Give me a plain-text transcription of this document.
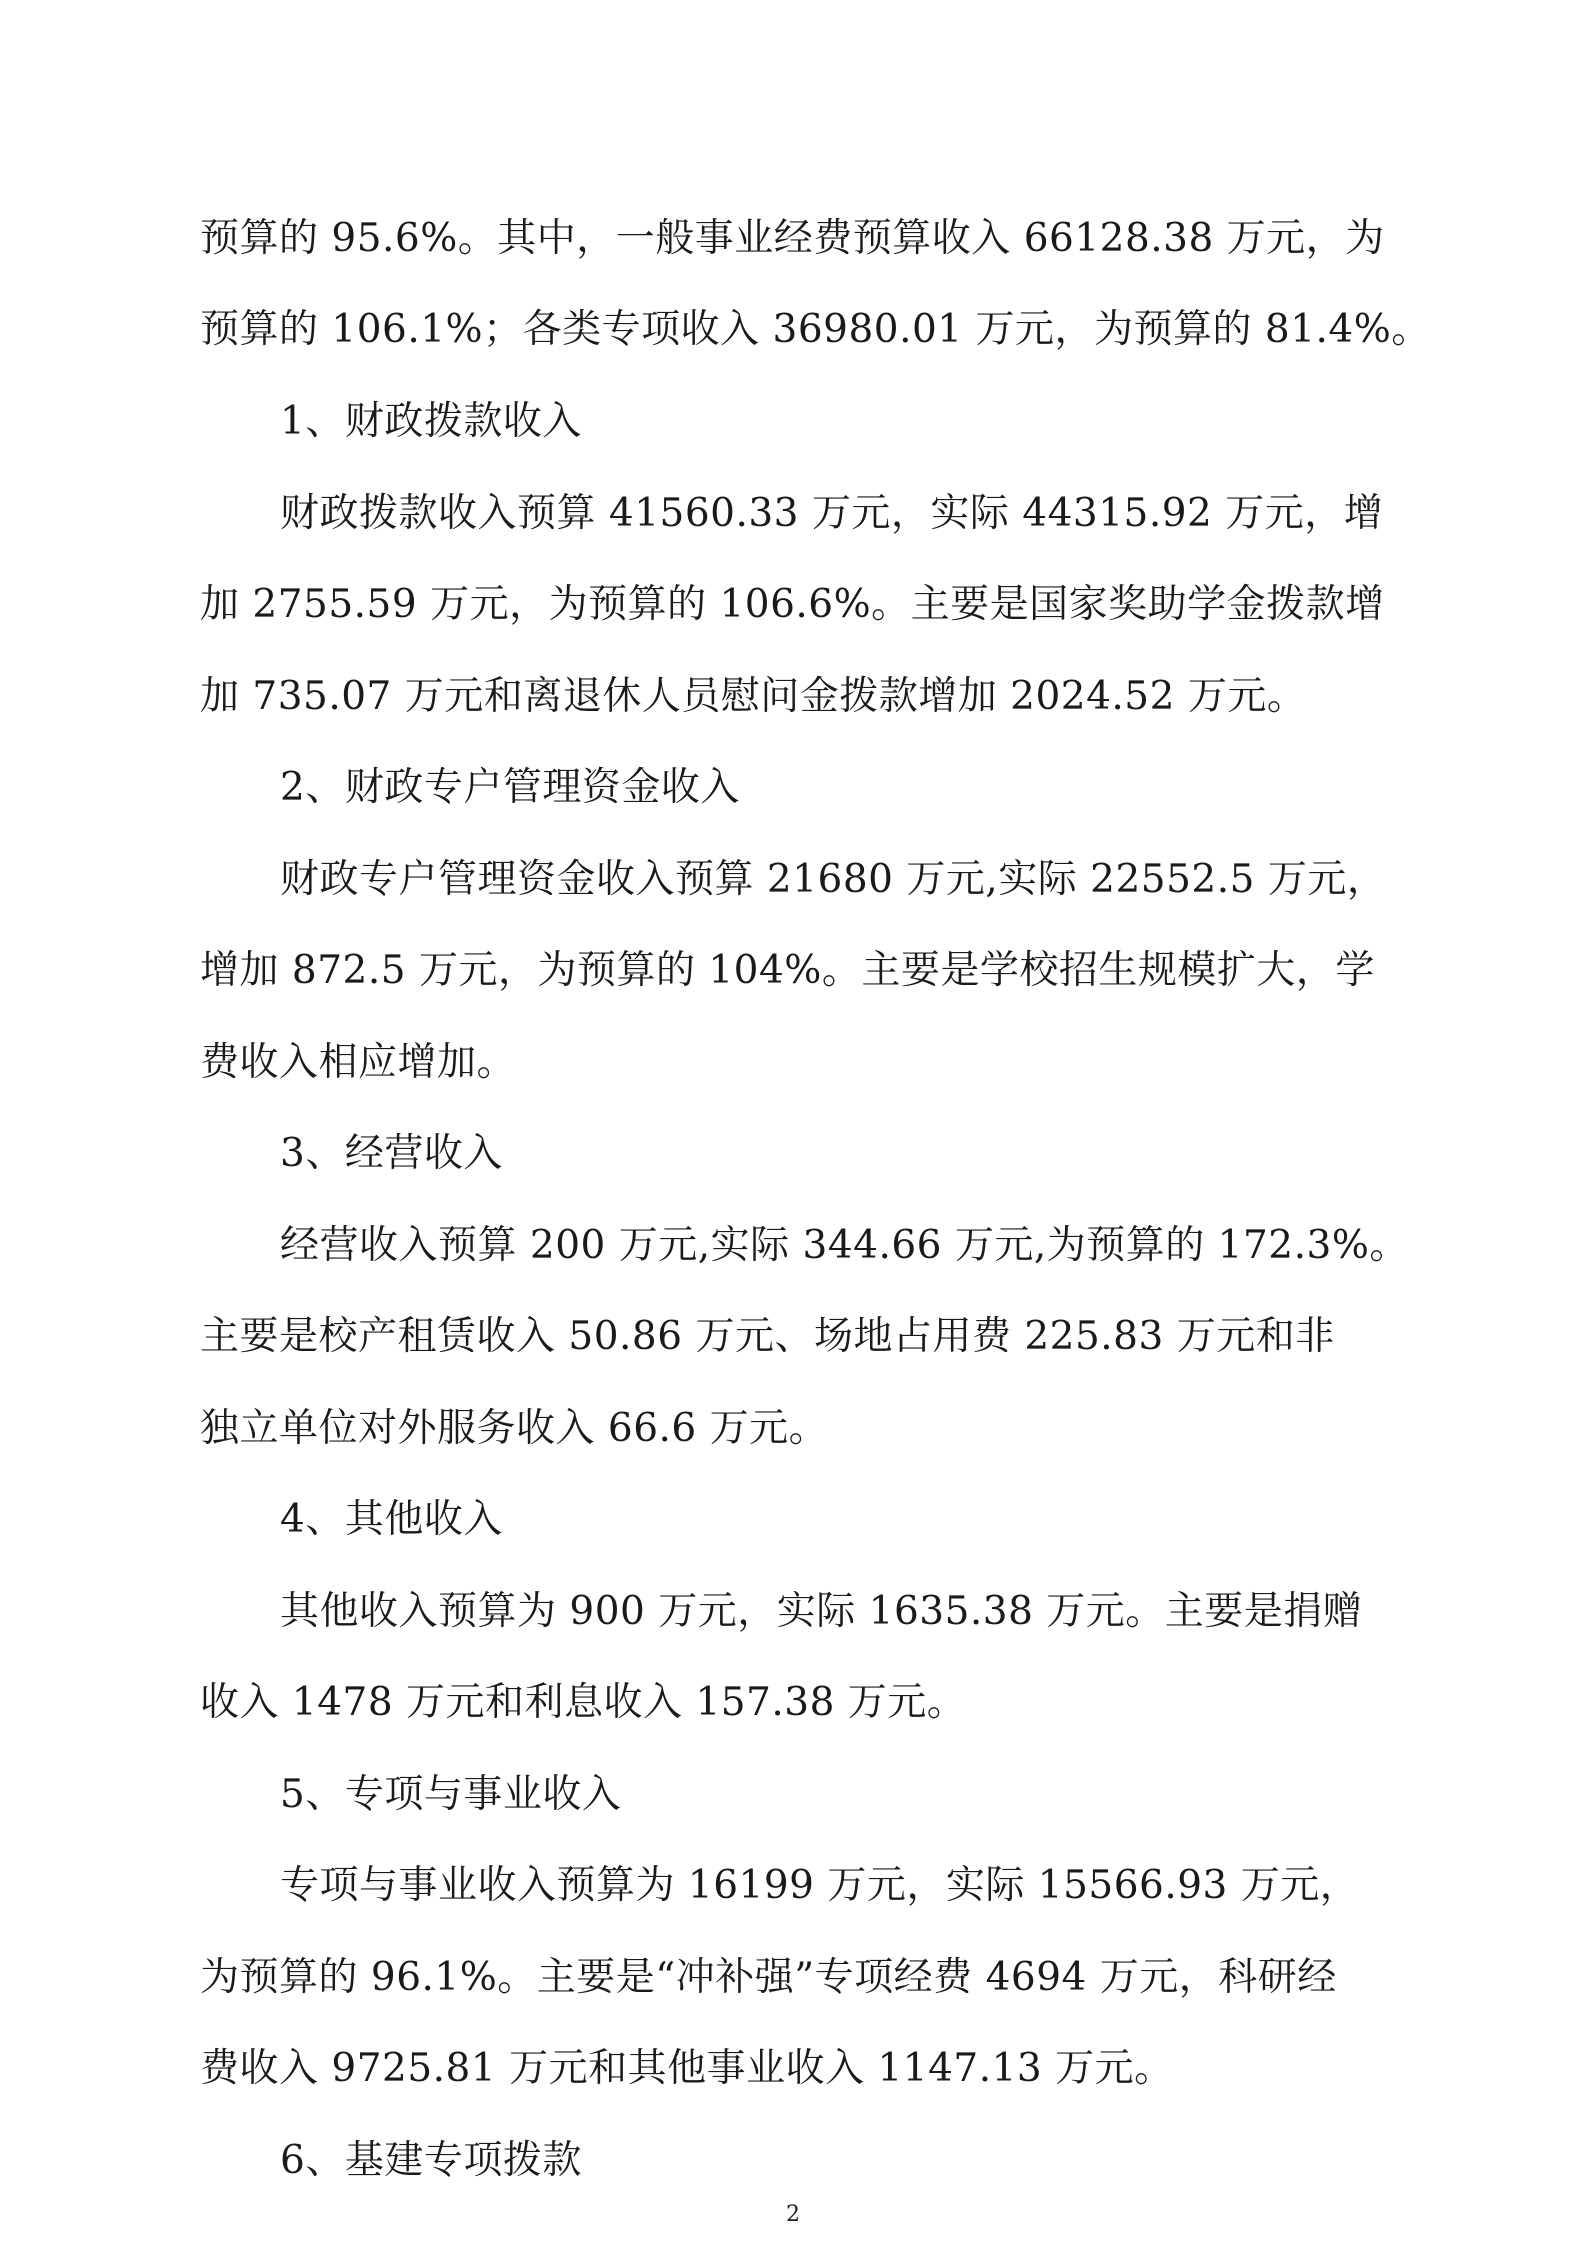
预算的 95.6%。其中，一般事业经费预算收入 66128.38 万元，为
预算的 106.1%；各类专项收入 36980.01 万元，为预算的 81.4%。
1、财政拨款收入
财政拨款收入预算 41560.33 万元，实际 44315.92 万元，增
加 2755.59 万元，为预算的 106.6%。主要是国家奖助学金拨款增
加 735.07 万元和离退休人员慰问金拨款增加 2024.52 万元。
2、财政专户管理资金收入
财政专户管理资金收入预算 21680 万元,实际 22552.5 万元，
增加 872.5 万元，为预算的 104%。主要是学校招生规模扩大，学
费收入相应增加。
3、经营收入
经营收入预算 200 万元,实际 344.66 万元,为预算的 172.3%。
主要是校产租赁收入 50.86 万元、场地占用费 225.83 万元和非
独立单位对外服务收入 66.6 万元。
4、其他收入
其他收入预算为 900 万元，实际 1635.38 万元。主要是捐赠
收入 1478 万元和利息收入 157.38 万元。
5、专项与事业收入
专项与事业收入预算为 16199 万元，实际 15566.93 万元，
为预算的 96.1%。主要是“冲补强”专项经费 4694 万元，科研经
费收入 9725.81 万元和其他事业收入 1147.13 万元。
6、基建专项拨款
2
